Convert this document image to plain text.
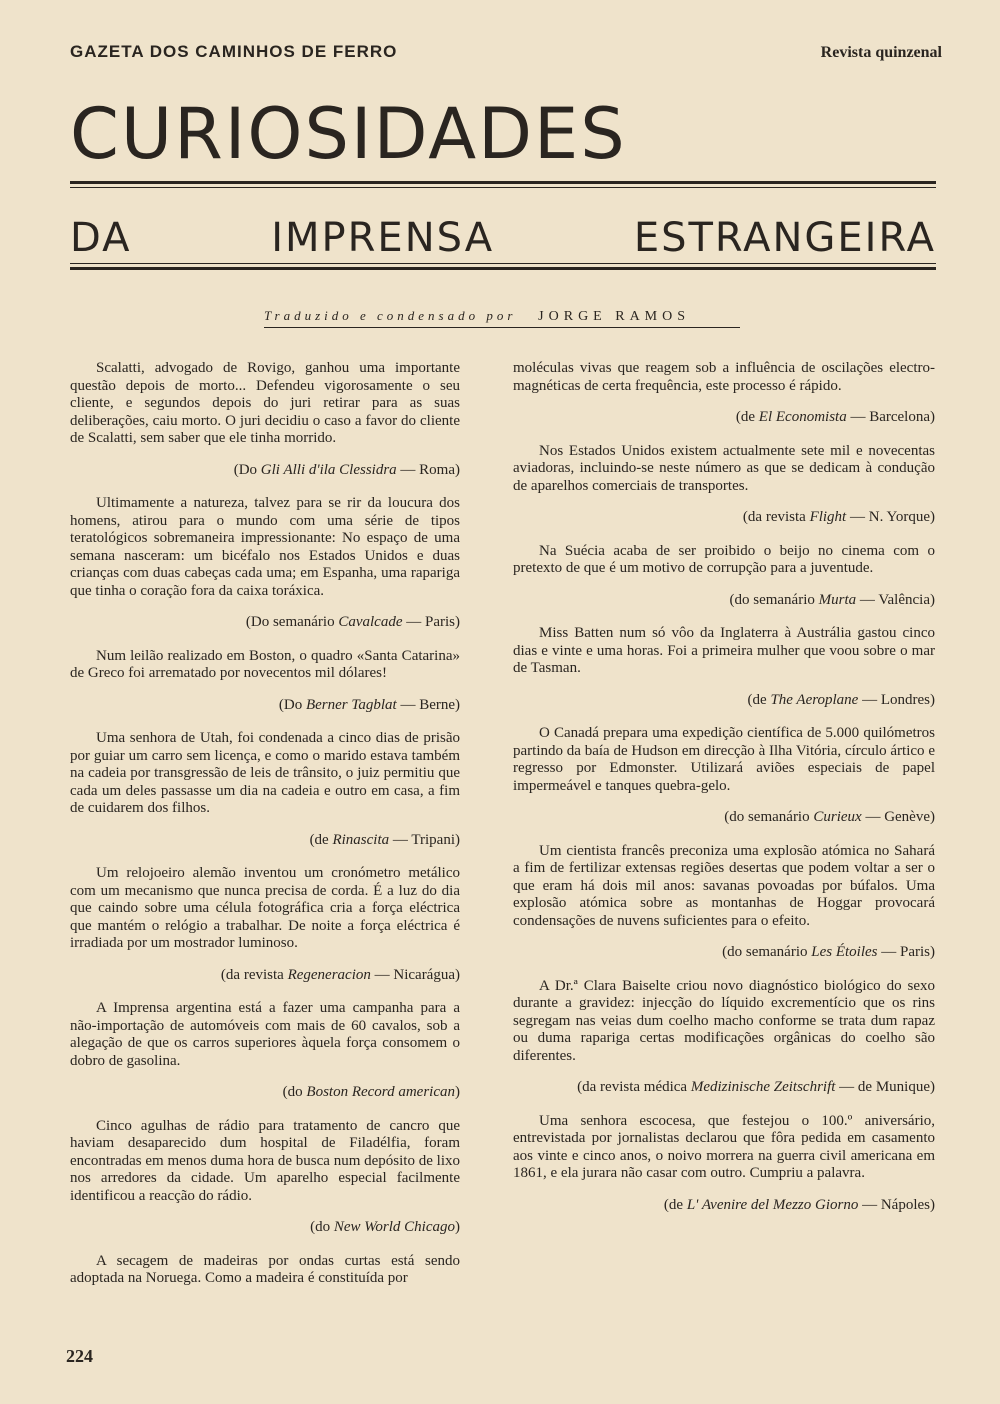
GAZETA DOS CAMINHOS DE FERRO	Revista quinzenal
CURIOSIDADES
DA IMPRENSA ESTRANGEIRA
Traduzido e condensado por JORGE RAMOS

Scalatti, advogado de Rovigo, ganhou uma importante questão depois de morto... Defendeu vigorosamente o seu cliente, e segundos depois do juri retirar para as suas deliberações, caiu morto. O juri decidiu o caso a favor do cliente de Scalatti, sem saber que ele tinha morrido.

(Do Gli Alli d'ila Clessidra — Roma)

Ultimamente a natureza, talvez para se rir da loucura dos homens, atirou para o mundo com uma série de tipos teratológicos sobremaneira impressionante: No espaço de uma semana nasceram: um bicéfalo nos Estados Unidos e duas crianças com duas cabeças cada uma; em Espanha, uma rapariga que tinha o coração fora da caixa toráxica.

(Do semanário Cavalcade — Paris)

Num leilão realizado em Boston, o quadro «Santa Catarina» de Greco foi arrematado por novecentos mil dólares!

(Do Berner Tagblat — Berne)

Uma senhora de Utah, foi condenada a cinco dias de prisão por guiar um carro sem licença, e como o marido estava também na cadeia por transgressão de leis de trânsito, o juiz permitiu que cada um deles passasse um dia na cadeia e outro em casa, a fim de cuidarem dos filhos.

(de Rinascita — Tripani)

Um relojoeiro alemão inventou um cronómetro metálico com um mecanismo que nunca precisa de corda. É a luz do dia que caindo sobre uma célula fotográfica cria a força eléctrica que mantém o relógio a trabalhar. De noite a força eléctrica é irradiada por um mostrador luminoso.

(da revista Regeneracion — Nicarágua)

A Imprensa argentina está a fazer uma campanha para a não-importação de automóveis com mais de 60 cavalos, sob a alegação de que os carros superiores àquela força consomem o dobro de gasolina.

(do Boston Record american)

Cinco agulhas de rádio para tratamento de cancro que haviam desaparecido dum hospital de Filadélfia, foram encontradas em menos duma hora de busca num depósito de lixo nos arredores da cidade. Um aparelho especial facilmente identificou a reacção do rádio.

(do New World Chicago)

A secagem de madeiras por ondas curtas está sendo adoptada na Noruega. Como a madeira é constituída por

moléculas vivas que reagem sob a influência de oscilações electro-magnéticas de certa frequência, este processo é rápido.

(de El Economista — Barcelona)

Nos Estados Unidos existem actualmente sete mil e novecentas aviadoras, incluindo-se neste número as que se dedicam à condução de aparelhos comerciais de transportes.

(da revista Flight — N. Yorque)

Na Suécia acaba de ser proibido o beijo no cinema com o pretexto de que é um motivo de corrupção para a juventude.

(do semanário Murta — Valência)

Miss Batten num só vôo da Inglaterra à Austrália gastou cinco dias e vinte e uma horas. Foi a primeira mulher que voou sobre o mar de Tasman.

(de The Aeroplane — Londres)

O Canadá prepara uma expedição científica de 5.000 quilómetros partindo da baía de Hudson em direcção à Ilha Vitória, círculo ártico e regresso por Edmonster. Utilizará aviões especiais de papel impermeável e tanques quebra-gelo.

(do semanário Curieux — Genève)

Um cientista francês preconiza uma explosão atómica no Sahará a fim de fertilizar extensas regiões desertas que podem voltar a ser o que eram há dois mil anos: savanas povoadas por búfalos. Uma explosão atómica sobre as montanhas de Hoggar provocará condensações de nuvens suficientes para o efeito.

(do semanário Les Étoiles — Paris)

A Dr.ª Clara Baiselte criou novo diagnóstico biológico do sexo durante a gravidez: injecção do líquido excrementício que os rins segregam nas veias dum coelho macho conforme se trata dum rapaz ou duma rapariga certas modificações orgânicas do coelho são diferentes.

(da revista médica Medizinische Zeitschrift — de Munique)

Uma senhora escocesa, que festejou o 100.º aniversário, entrevistada por jornalistas declarou que fôra pedida em casamento aos vinte e cinco anos, o noivo morrera na guerra civil americana em 1861, e ela jurara não casar com outro. Cumpriu a palavra.

(de L' Avenire del Mezzo Giorno — Nápoles)

224
